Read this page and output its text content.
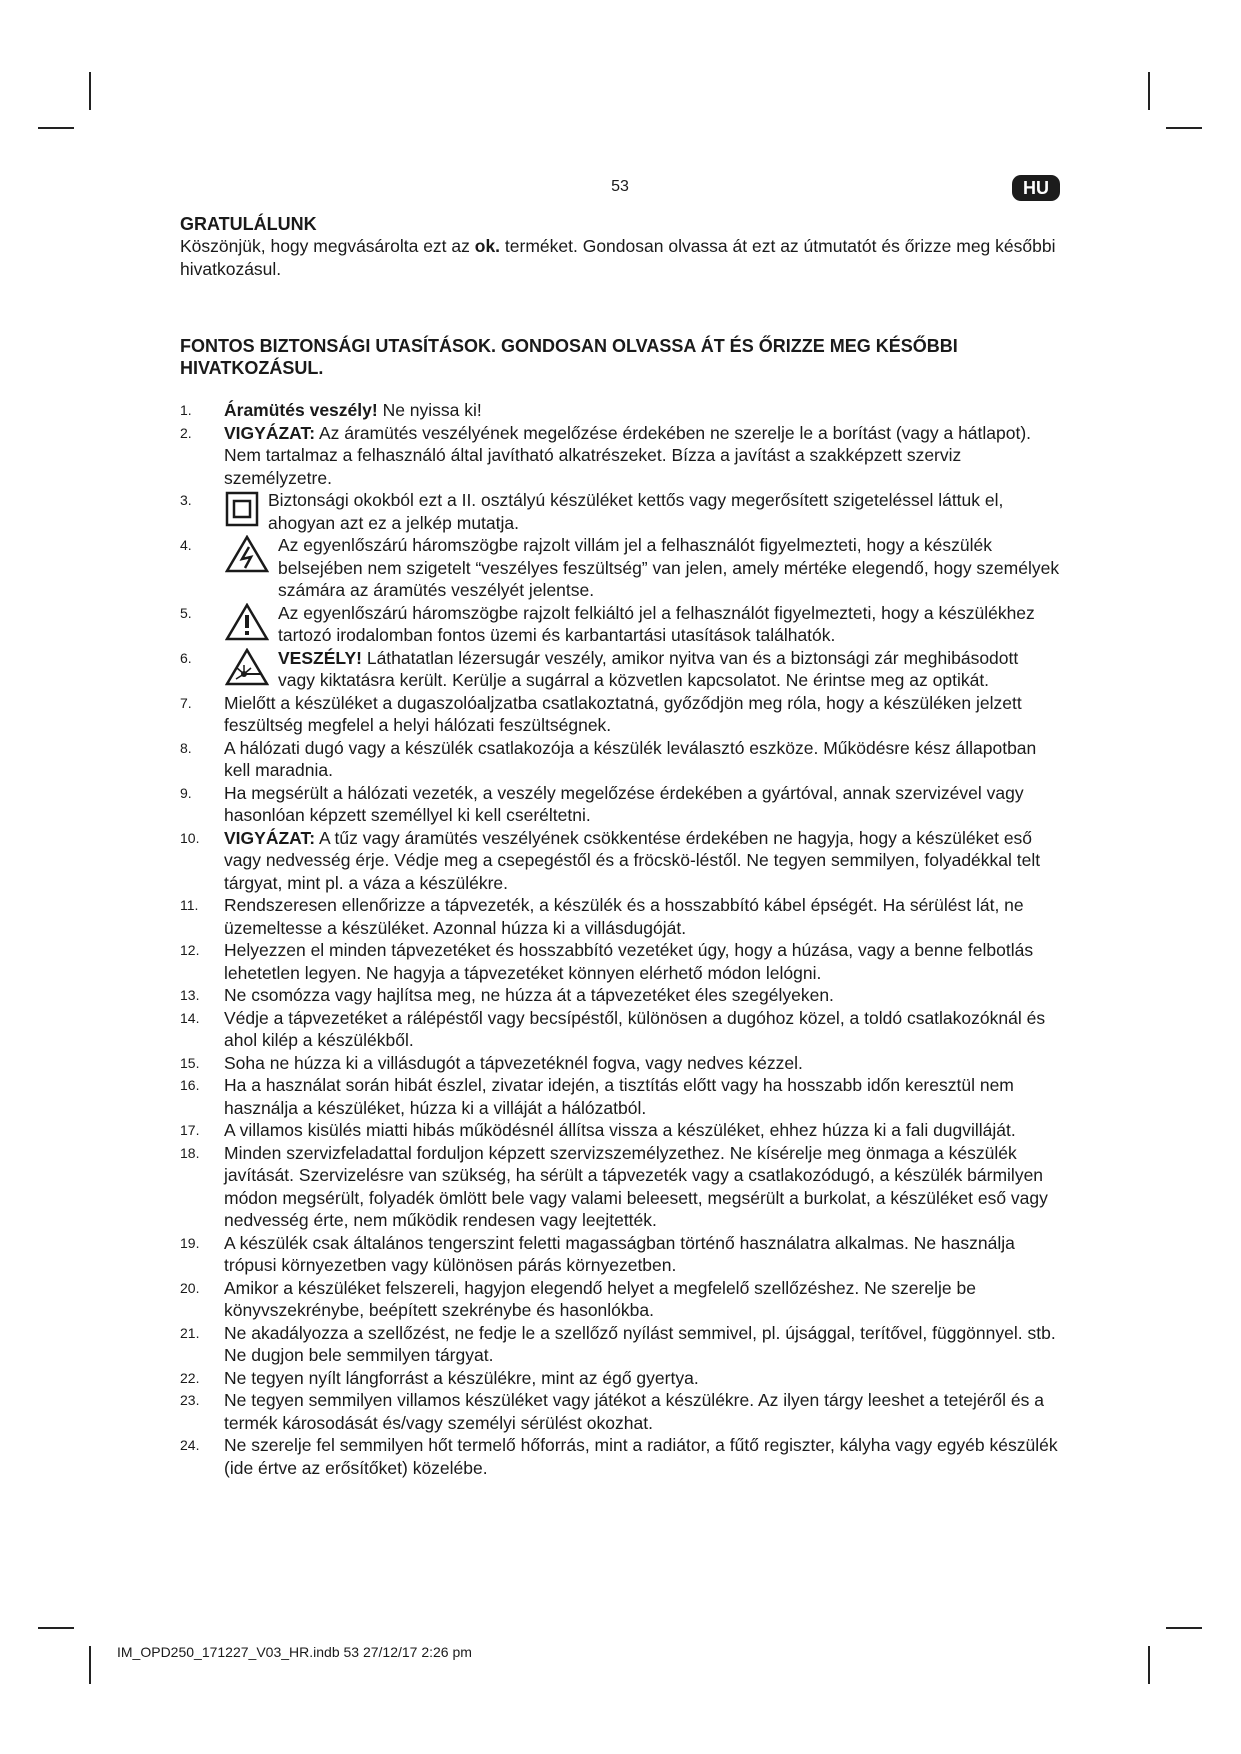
53	HU
GRATULÁLUNK

Köszönjük, hogy megvásárolta ezt az ok. terméket. Gondosan olvassa át ezt az útmutatót és őrizze meg későbbi hivatkozásul.

FONTOS BIZTONSÁGI UTASÍTÁSOK. GONDOSAN OLVASSA ÁT ÉS ŐRIZZE MEG KÉSŐBBI HIVATKOZÁSUL.
1. Áramütés veszély! Ne nyissa ki!
2. VIGYÁZAT: Az áramütés veszélyének megelőzése érdekében ne szerelje le a borítást (vagy a hátlapot). Nem tartalmaz a felhasználó által javítható alkatrészeket. Bízza a javítást a szakképzett szerviz személyzetre.
3.	Biztonsági okokból ezt a II. osztályú készüléket kettős vagy megerősített szigeteléssel láttuk el, ahogyan azt ez a jelkép mutatja.
4.	Az egyenlőszárú háromszögbe rajzolt villám jel a felhasználót figyelmezteti, hogy a készülék belsejében nem szigetelt “veszélyes feszültség” van jelen, amely mértéke elegendő, hogy személyek számára az áramütés veszélyét jelentse.
5.	Az egyenlőszárú háromszögbe rajzolt felkiáltó jel a felhasználót figyelmezteti, hogy a készülékhez tartozó irodalomban fontos üzemi és karbantartási utasítások találhatók.
6.	VESZÉLY! Láthatatlan lézersugár veszély, amikor nyitva van és a biztonsági zár meghibásodott vagy kiktatásra került. Kerülje a sugárral a közvetlen kapcsolatot. Ne érintse meg az optikát.
7. Mielőtt a készüléket a dugaszolóaljzatba csatlakoztatná, győződjön meg róla, hogy a készüléken jelzett feszültség megfelel a helyi hálózati feszültségnek.
8. A hálózati dugó vagy a készülék csatlakozója a készülék leválasztó eszköze. Működésre kész állapotban kell maradnia.
9. Ha megsérült a hálózati vezeték, a veszély megelőzése érdekében a gyártóval, annak szervizével vagy hasonlóan képzett személlyel ki kell cseréltetni.
10. VIGYÁZAT: A tűz vagy áramütés veszélyének csökkentése érdekében ne hagyja, hogy a készüléket eső vagy nedvesség érje. Védje meg a csepegéstől és a fröcskö-léstől. Ne tegyen semmilyen, folyadékkal telt tárgyat, mint pl. a váza a készülékre.
11. Rendszeresen ellenőrizze a tápvezeték, a készülék és a hosszabbító kábel épségét. Ha sérülést lát, ne üzemeltesse a készüléket. Azonnal húzza ki a villásdugóját.
12. Helyezzen el minden tápvezetéket és hosszabbító vezetéket úgy, hogy a húzása, vagy a benne felbotlás lehetetlen legyen. Ne hagyja a tápvezetéket könnyen elérhető módon lelógni.
13. Ne csomózza vagy hajlítsa meg, ne húzza át a tápvezetéket éles szegélyeken.
14. Védje a tápvezetéket a rálépéstől vagy becsípéstől, különösen a dugóhoz közel, a toldó csatlakozóknál és ahol kilép a készülékből.
15. Soha ne húzza ki a villásdugót a tápvezetéknél fogva, vagy nedves kézzel.
16. Ha a használat során hibát észlel, zivatar idején, a tisztítás előtt vagy ha hosszabb időn keresztül nem használja a készüléket, húzza ki a villáját a hálózatból.
17. A villamos kisülés miatti hibás működésnél állítsa vissza a készüléket, ehhez húzza ki a fali dugvilláját.
18. Minden szervizfeladattal forduljon képzett szervizszemélyzethez. Ne kísérelje meg önmaga a készülék javítását. Szervizelésre van szükség, ha sérült a tápvezeték vagy a csatlakozódugó, a készülék bármilyen módon megsérült, folyadék ömlött bele vagy valami beleesett, megsérült a burkolat, a készüléket eső vagy nedvesség érte, nem működik rendesen vagy leejtették.
19. A készülék csak általános tengerszint feletti magasságban történő használatra alkalmas. Ne használja trópusi környezetben vagy különösen párás környezetben.
20. Amikor a készüléket felszereli, hagyjon elegendő helyet a megfelelő szellőzéshez. Ne szerelje be könyvszekrénybe, beépített szekrénybe és hasonlókba.
21. Ne akadályozza a szellőzést, ne fedje le a szellőző nyílást semmivel, pl. újsággal, terítővel, függönnyel. stb. Ne dugjon bele semmilyen tárgyat.
22. Ne tegyen nyílt lángforrást a készülékre, mint az égő gyertya.
23. Ne tegyen semmilyen villamos készüléket vagy játékot a készülékre. Az ilyen tárgy leeshet a tetejéről és a termék károsodását és/vagy személyi sérülést okozhat.
24. Ne szerelje fel semmilyen hőt termelő hőforrás, mint a radiátor, a fűtő regiszter, kályha vagy egyéb készülék (ide értve az erősítőket) közelébe.
IM_OPD250_171227_V03_HR.indb 53 27/12/17 2:26 pm
